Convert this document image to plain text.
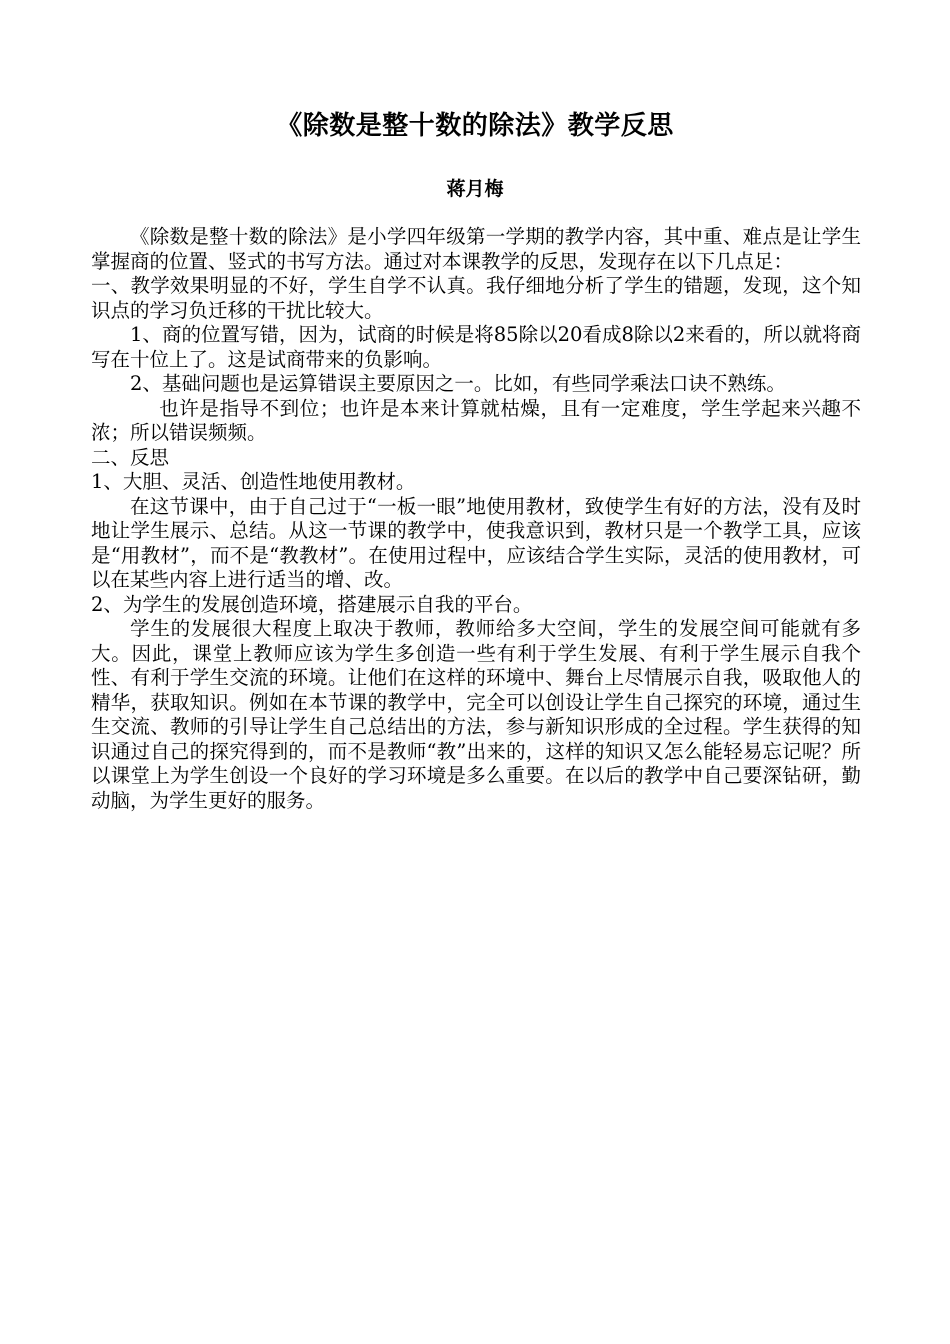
《除数是整十数的除法》教学反思
蒋月梅

《除数是整十数的除法》是小学四年级第一学期的教学内容，其中重、难点是让学生掌握商的位置、竖式的书写方法。通过对本课教学的反思，发现存在以下几点足：

一、教学效果明显的不好，学生自学不认真。我仔细地分析了学生的错题，发现，这个知识点的学习负迁移的干扰比较大。

1、商的位置写错，因为，试商的时候是将85除以20看成8除以2来看的，所以就将商写在十位上了。这是试商带来的负影响。

2、基础问题也是运算错误主要原因之一。比如，有些同学乘法口诀不熟练。

也许是指导不到位；也许是本来计算就枯燥，且有一定难度，学生学起来兴趣不浓；所以错误频频。

二、反思

1、大胆、灵活、创造性地使用教材。

在这节课中，由于自己过于“一板一眼”地使用教材，致使学生有好的方法，没有及时地让学生展示、总结。从这一节课的教学中，使我意识到，教材只是一个教学工具，应该是“用教材”，而不是“教教材”。在使用过程中，应该结合学生实际，灵活的使用教材，可以在某些内容上进行适当的增、改。

2、为学生的发展创造环境，搭建展示自我的平台。

学生的发展很大程度上取决于教师，教师给多大空间，学生的发展空间可能就有多大。因此，课堂上教师应该为学生多创造一些有利于学生发展、有利于学生展示自我个性、有利于学生交流的环境。让他们在这样的环境中、舞台上尽情展示自我，吸取他人的精华，获取知识。例如在本节课的教学中，完全可以创设让学生自己探究的环境，通过生生交流、教师的引导让学生自己总结出的方法，参与新知识形成的全过程。学生获得的知识通过自己的探究得到的，而不是教师“教”出来的，这样的知识又怎么能轻易忘记呢？所以课堂上为学生创设一个良好的学习环境是多么重要。在以后的教学中自己要深钻研，勤动脑，为学生更好的服务。
